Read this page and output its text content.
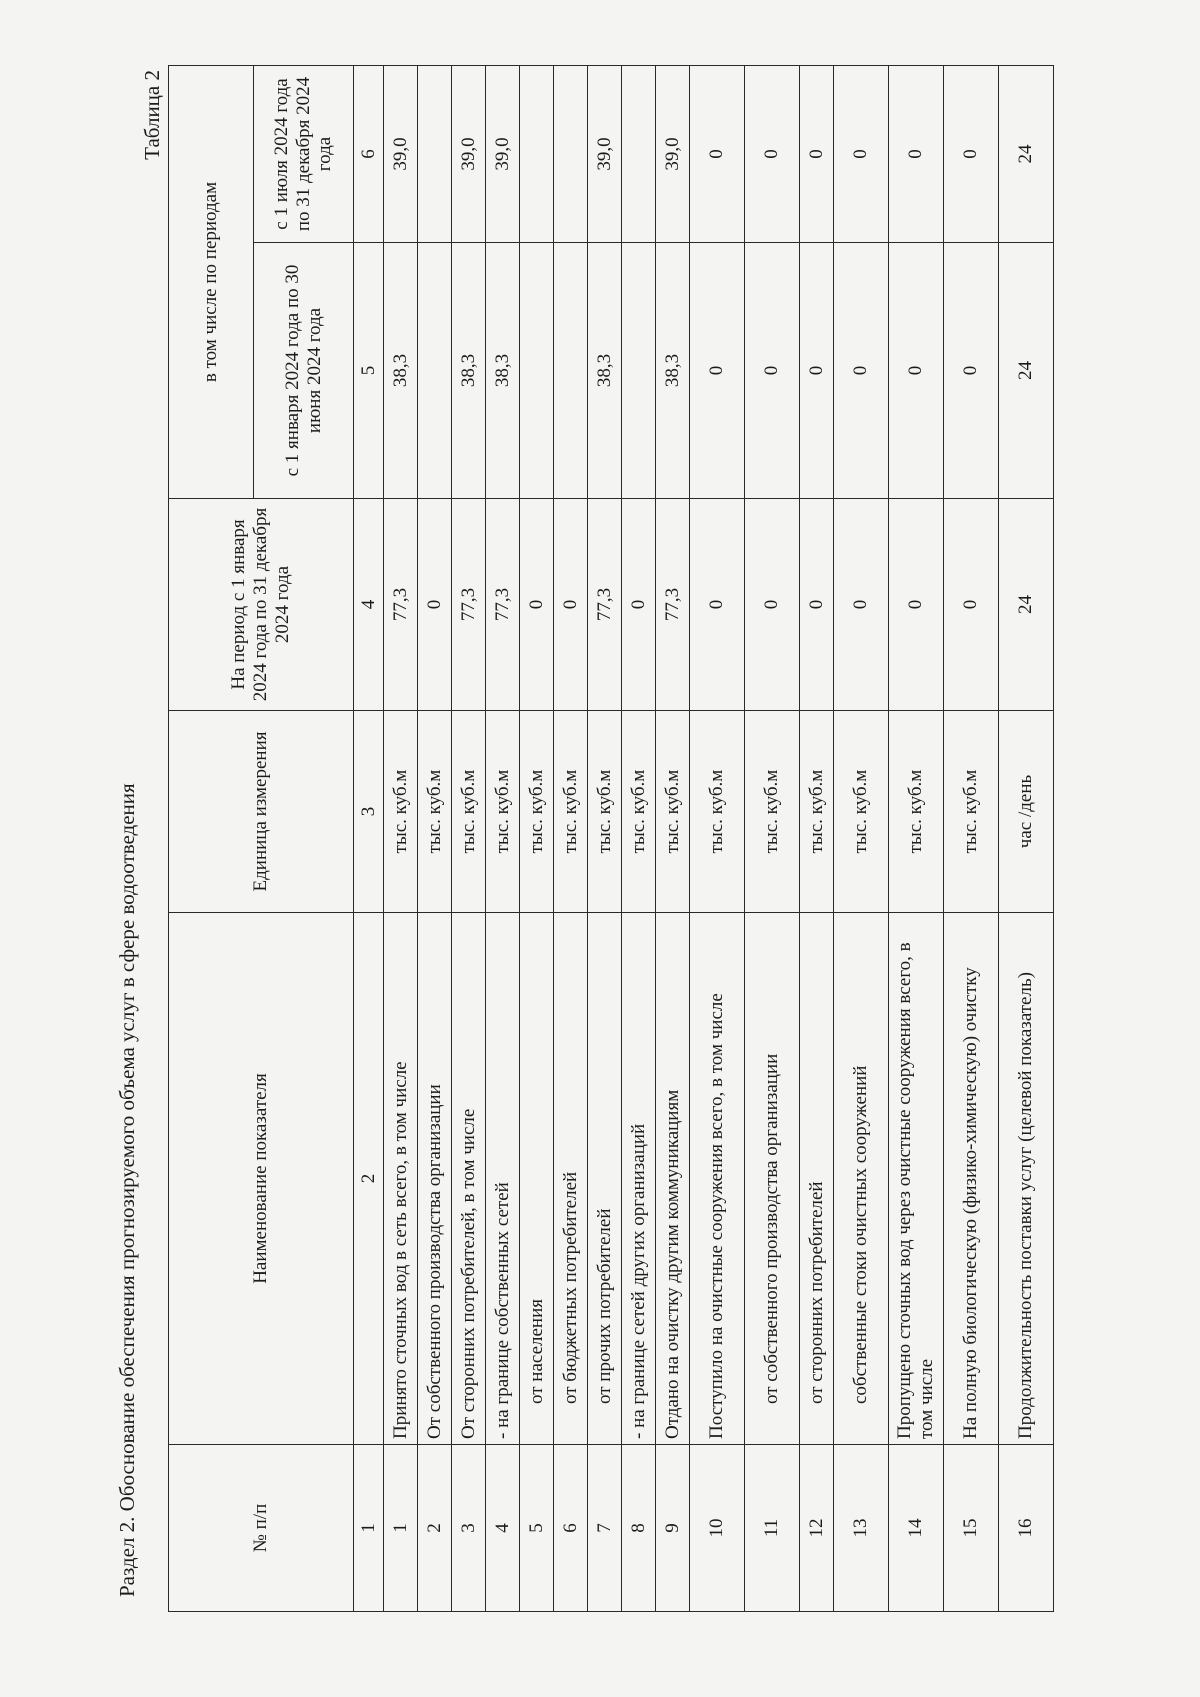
Раздел 2. Обоснование обеспечения прогнозируемого объема услуг в сфере водоотведения
Таблица 2
№ п/п	Наименование показателя	Единица измерения	На период с 1 января 2024 года по 31 декабря 2024 года	в том числе по периодам	
				с 1 января 2024 года по 30 июня 2024 года	с 1 июля 2024 года по 31 декабря 2024 года
1	2	3	4	5	6
1	Принято сточных вод в сеть всего, в том числе	тыс. куб.м	77,3	38,3	39,0
2	От собственного производства организации	тыс. куб.м	0		
3	От сторонних потребителей, в том числе	тыс. куб.м	77,3	38,3	39,0
4	- на границе собственных сетей	тыс. куб.м	77,3	38,3	39,0
5	от населения	тыс. куб.м	0		
6	от бюджетных потребителей	тыс. куб.м	0		
7	от прочих потребителей	тыс. куб.м	77,3	38,3	39,0
8	- на границе сетей других организаций	тыс. куб.м	0		
9	Отдано на очистку другим коммуникациям	тыс. куб.м	77,3	38,3	39,0
10	Поступило на очистные сооружения всего, в том числе	тыс. куб.м	0	0	0
11	от собственного производства организации	тыс. куб.м	0	0	0
12	от сторонних потребителей	тыс. куб.м	0	0	0
13	собственные стоки очистных сооружений	тыс. куб.м	0	0	0
14	Пропущено сточных вод через очистные сооружения всего, в том числе	тыс. куб.м	0	0	0
15	На полную биологическую (физико-химическую) очистку	тыс. куб.м	0	0	0
16	Продолжительность поставки услуг (целевой показатель)	час /день	24	24	24
